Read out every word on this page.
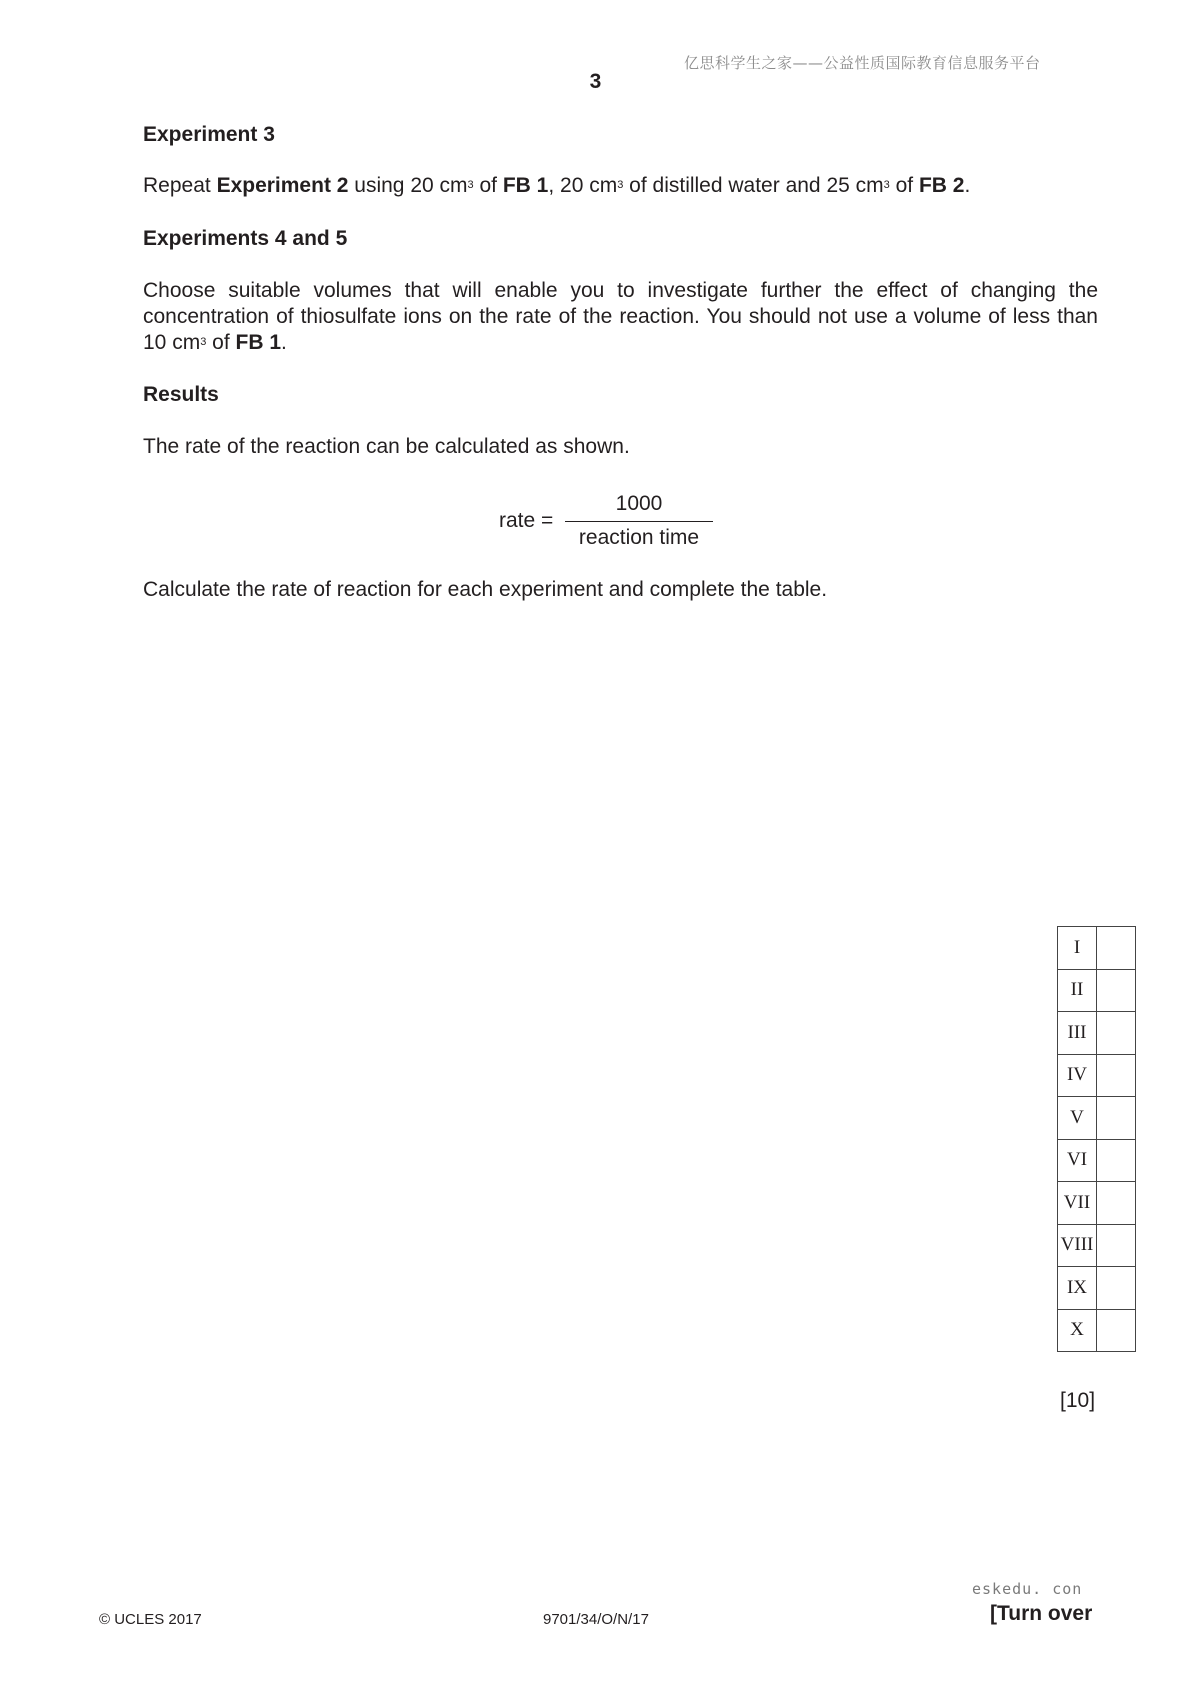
亿思科学生之家——公益性质国际教育信息服务平台
3
Experiment 3
Repeat Experiment 2 using 20 $cm^3$ of FB 1, 20 $cm^3$ of distilled water and 25 $cm^3$ of FB 2.
Experiments 4 and 5
Choose suitable volumes that will enable you to investigate further the effect of changing the concentration of thiosulfate ions on the rate of the reaction. You should not use a volume of less than 10 $cm^3$ of FB 1.
Results
The rate of the reaction can be calculated as shown.
rate =
1000
reaction time
Calculate the rate of reaction for each experiment and complete the table.
I	
II	
III	
IV	
V	
VI	
VII	
VIII	
IX	
X	
[10]
© UCLES 2017	9701/34/O/N/17
eskedu. con
[Turn over
